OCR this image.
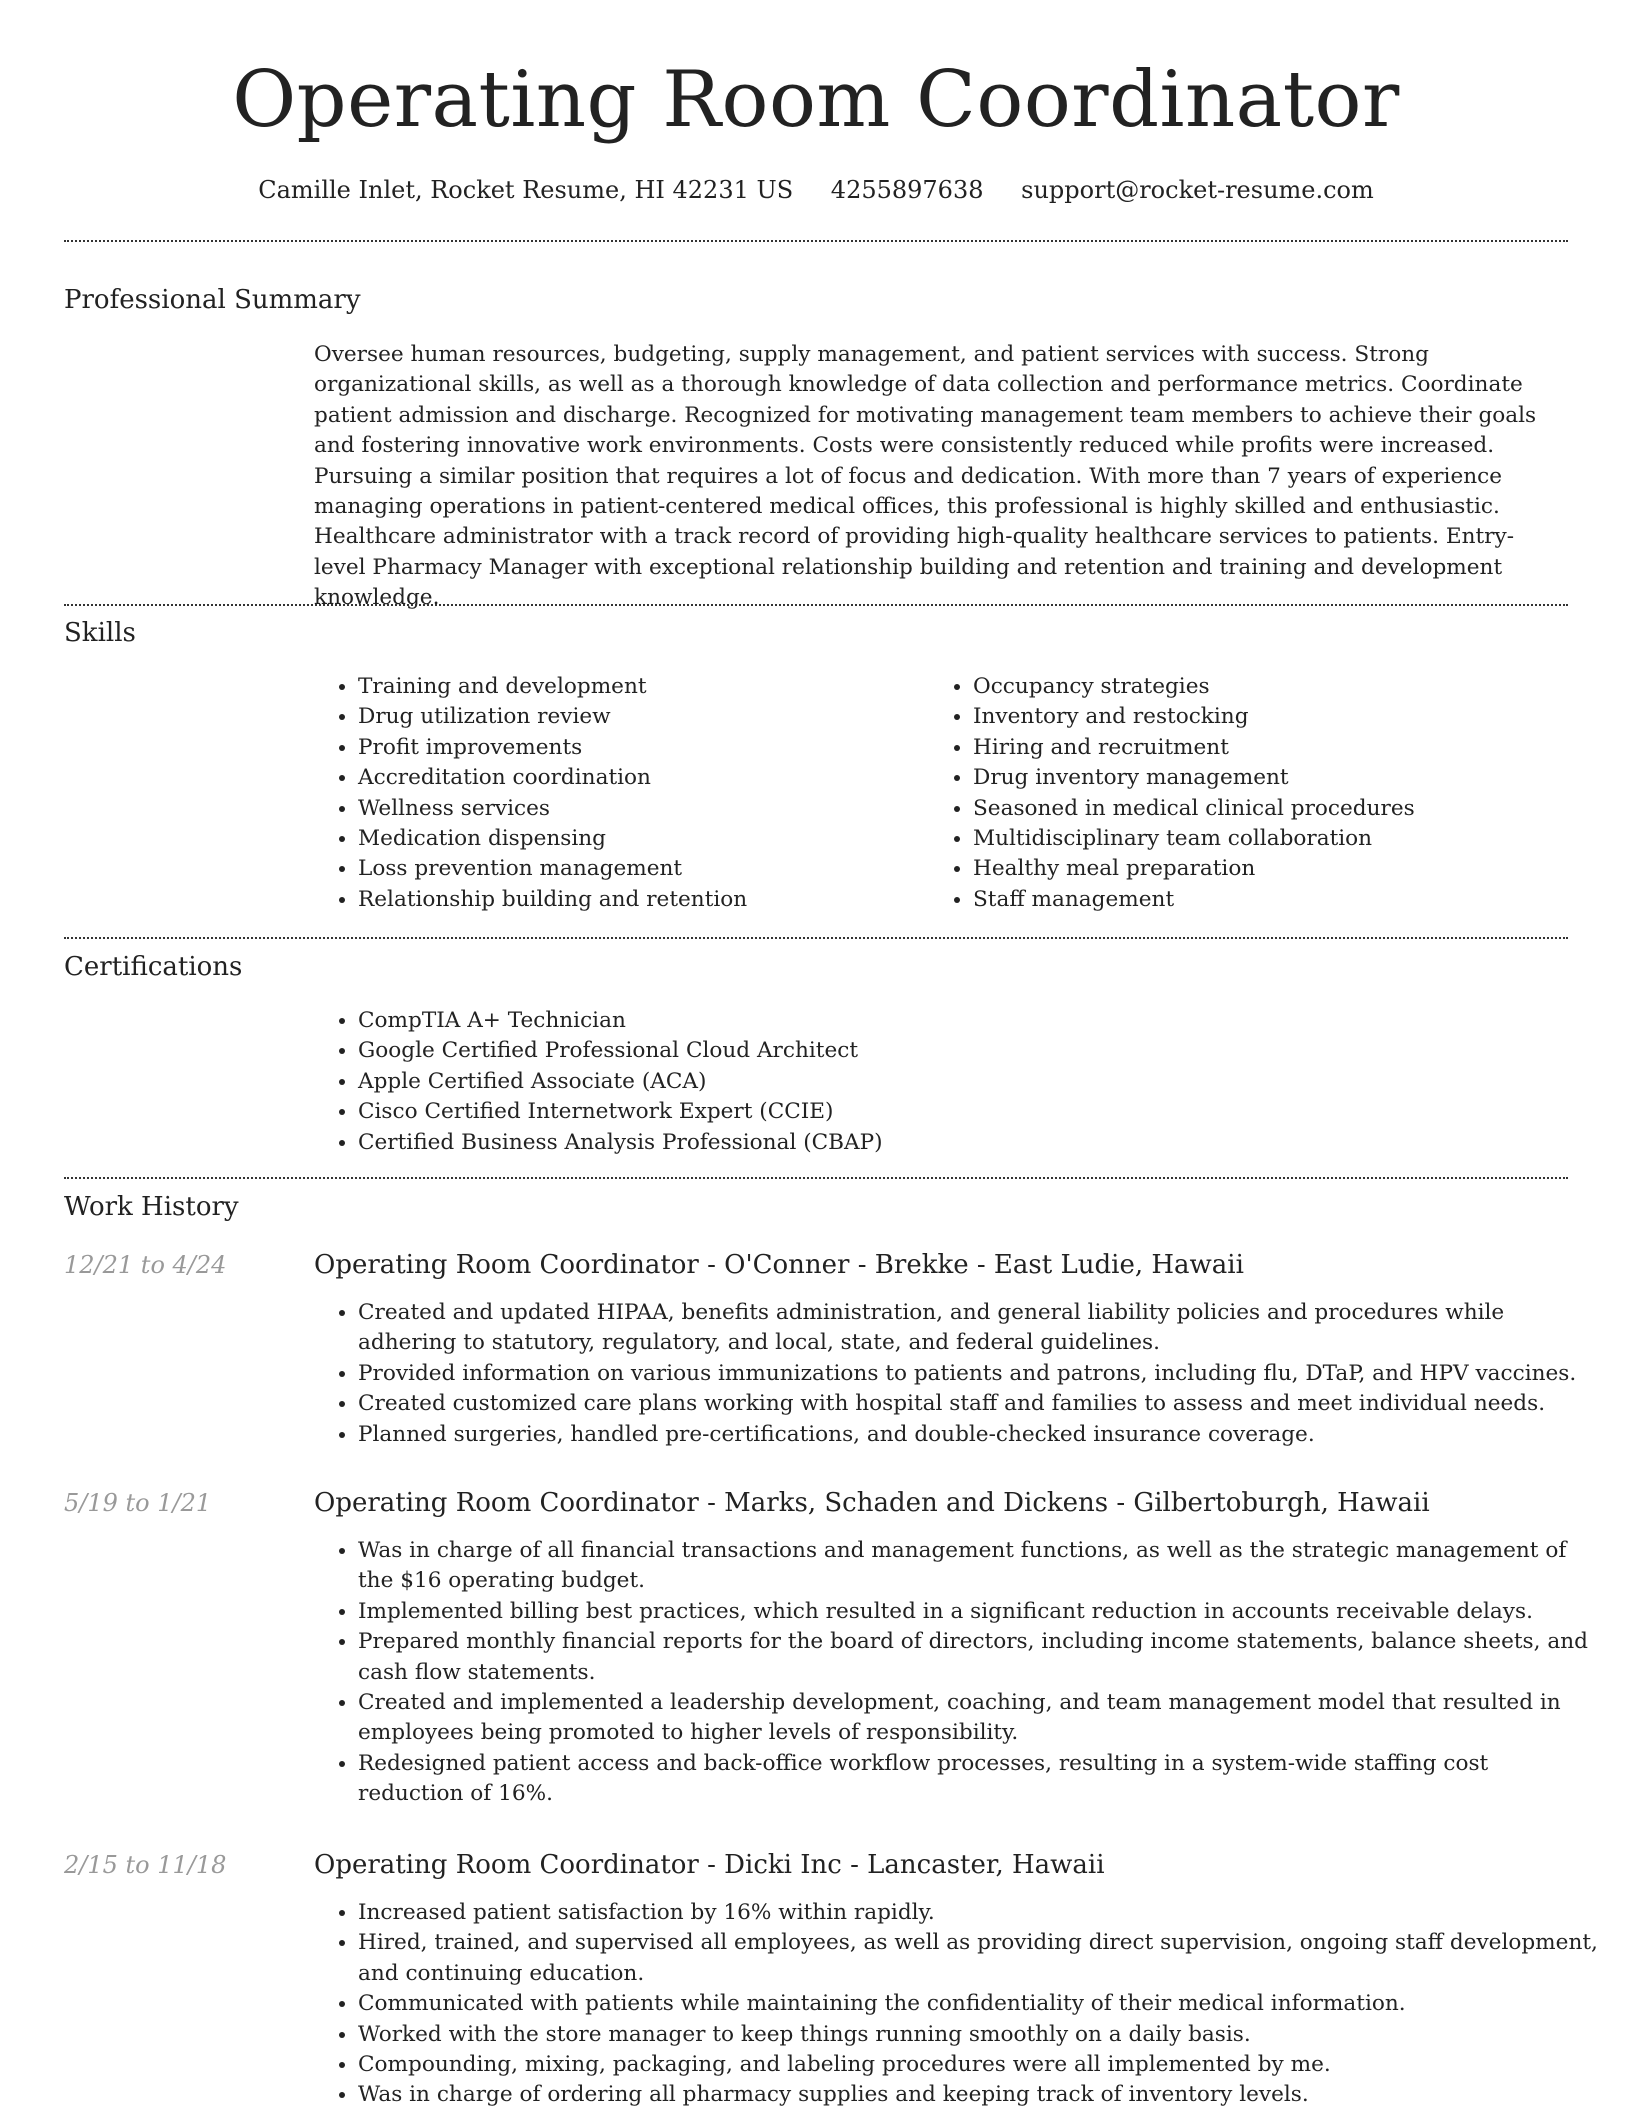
Operating Room Coordinator
Camille Inlet, Rocket Resume, HI 42231 US 4255897638 support@rocket-resume.com
Professional Summary

Oversee human resources, budgeting, supply management, and patient services with success. Strong organizational skills, as well as a thorough knowledge of data collection and performance metrics. Coordinate patient admission and discharge. Recognized for motivating management team members to achieve their goals and fostering innovative work environments. Costs were consistently reduced while profits were increased. Pursuing a similar position that requires a lot of focus and dedication. With more than 7 years of experience managing operations in patient-centered medical offices, this professional is highly skilled and enthusiastic. Healthcare administrator with a track record of providing high-quality healthcare services to patients. Entry-level Pharmacy Manager with exceptional relationship building and retention and training and development knowledge.

Skills
• Training and development
• Drug utilization review
• Profit improvements
• Accreditation coordination
• Wellness services
• Medication dispensing
• Loss prevention management
• Relationship building and retention
• Occupancy strategies
• Inventory and restocking
• Hiring and recruitment
• Drug inventory management
• Seasoned in medical clinical procedures
• Multidisciplinary team collaboration
• Healthy meal preparation
• Staff management
Certifications
• CompTIA A+ Technician
• Google Certified Professional Cloud Architect
• Apple Certified Associate (ACA)
• Cisco Certified Internetwork Expert (CCIE)
• Certified Business Analysis Professional (CBAP)
Work History
12/21 to 4/24	Operating Room Coordinator - O'Conner - Brekke - East Ludie, Hawaii
• Created and updated HIPAA, benefits administration, and general liability policies and procedures while adhering to statutory, regulatory, and local, state, and federal guidelines.
• Provided information on various immunizations to patients and patrons, including flu, DTaP, and HPV vaccines.
• Created customized care plans working with hospital staff and families to assess and meet individual needs.
• Planned surgeries, handled pre-certifications, and double-checked insurance coverage.
5/19 to 1/21	Operating Room Coordinator - Marks, Schaden and Dickens - Gilbertoburgh, Hawaii
• Was in charge of all financial transactions and management functions, as well as the strategic management of the $16 operating budget.
• Implemented billing best practices, which resulted in a significant reduction in accounts receivable delays.
• Prepared monthly financial reports for the board of directors, including income statements, balance sheets, and cash flow statements.
• Created and implemented a leadership development, coaching, and team management model that resulted in employees being promoted to higher levels of responsibility.
• Redesigned patient access and back-office workflow processes, resulting in a system-wide staffing cost reduction of 16%.
2/15 to 11/18	Operating Room Coordinator - Dicki Inc - Lancaster, Hawaii
• Increased patient satisfaction by 16% within rapidly.
• Hired, trained, and supervised all employees, as well as providing direct supervision, ongoing staff development, and continuing education.
• Communicated with patients while maintaining the confidentiality of their medical information.
• Worked with the store manager to keep things running smoothly on a daily basis.
• Compounding, mixing, packaging, and labeling procedures were all implemented by me.
• Was in charge of ordering all pharmacy supplies and keeping track of inventory levels.
